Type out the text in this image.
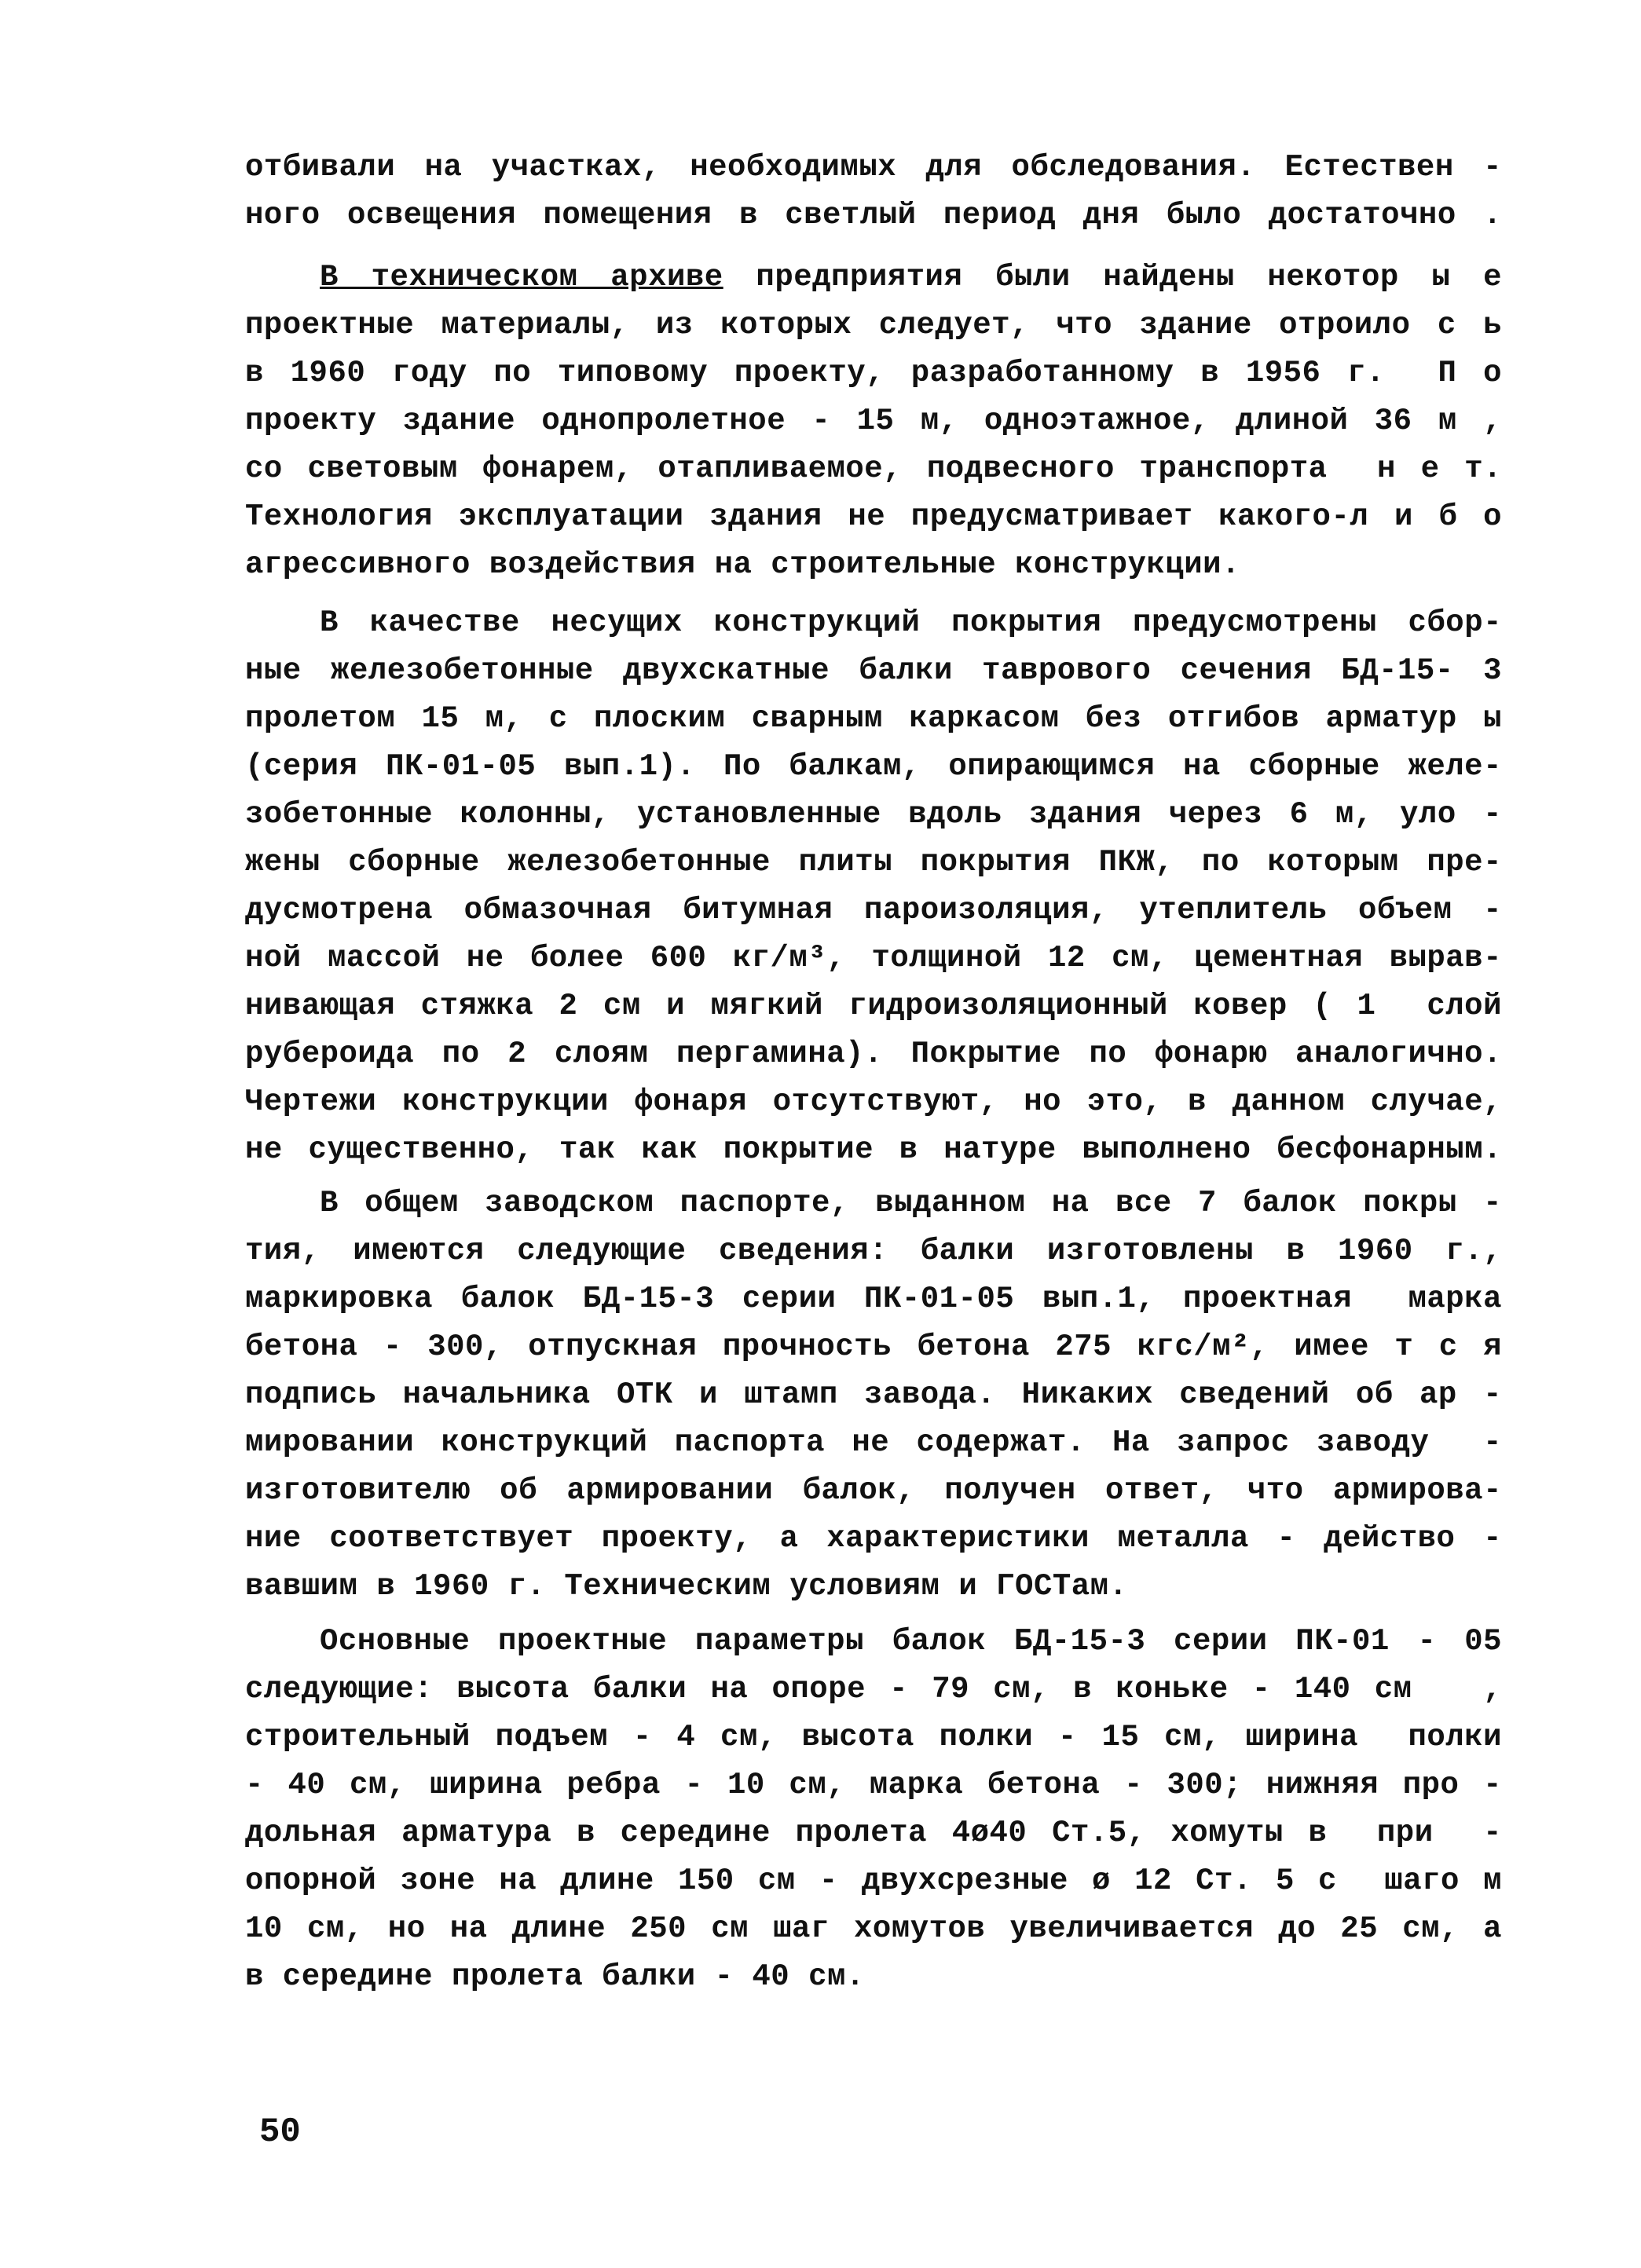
отбивали на участках, необходимых для обследования. Естествен -
ного освещения помещения в светлый период дня было достаточно .
В техническом архиве предприятия были найдены некотор ы е
проектные материалы, из которых следует, что здание отроило с ь
в 1960 году по типовому проекту, разработанному в 1956 г.  П о
проекту здание однопролетное - 15 м, одноэтажное, длиной 36 м ,
со световым фонарем, отапливаемое, подвесного транспорта  н е т.
Технология эксплуатации здания не предусматривает какого-л и б о
агрессивного воздействия на строительные конструкции.
В качестве несущих конструкций покрытия предусмотрены сбор-
ные железобетонные двухскатные балки таврового сечения БД-15- 3
пролетом 15 м, с плоским сварным каркасом без отгибов арматур ы
(серия ПК-01-05 вып.1). По балкам, опирающимся на сборные желе-
зобетонные колонны, установленные вдоль здания через 6 м, уло -
жены сборные железобетонные плиты покрытия ПКЖ, по которым пре-
дусмотрена обмазочная битумная пароизоляция, утеплитель объем -
ной массой не более 600 кг/м³, толщиной 12 см, цементная вырав-
нивающая стяжка 2 см и мягкий гидроизоляционный ковер ( 1  слой
рубероида по 2 слоям пергамина). Покрытие по фонарю аналогично.
Чертежи конструкции фонаря отсутствуют, но это, в данном случае,
не существенно, так как покрытие в натуре выполнено бесфонарным.
В общем заводском паспорте, выданном на все 7 балок покры -
тия, имеются следующие сведения: балки изготовлены в 1960 г.,
маркировка балок БД-15-3 серии ПК-01-05 вып.1, проектная  марка
бетона - 300, отпускная прочность бетона 275 кгс/м², имее т с я
подпись начальника ОТК и штамп завода. Никаких сведений об ар -
мировании конструкций паспорта не содержат. На запрос заводу  -
изготовителю об армировании балок, получен ответ, что армирова-
ние соответствует проекту, а характеристики металла - действо -
вавшим в 1960 г. Техническим условиям и ГОСТам.
Основные проектные параметры балок БД-15-3 серии ПК-01 - 05
следующие: высота балки на опоре - 79 см, в коньке - 140 см   ,
строительный подъем - 4 см, высота полки - 15 см, ширина  полки
- 40 см, ширина ребра - 10 см, марка бетона - 300; нижняя про -
дольная арматура в середине пролета 4ø40 Ст.5, хомуты в  при  -
опорной зоне на длине 150 см - двухсрезные ø 12 Ст. 5 с  шаго м
10 см, но на длине 250 см шаг хомутов увеличивается до 25 см, а
в середине пролета балки - 40 см.
50
